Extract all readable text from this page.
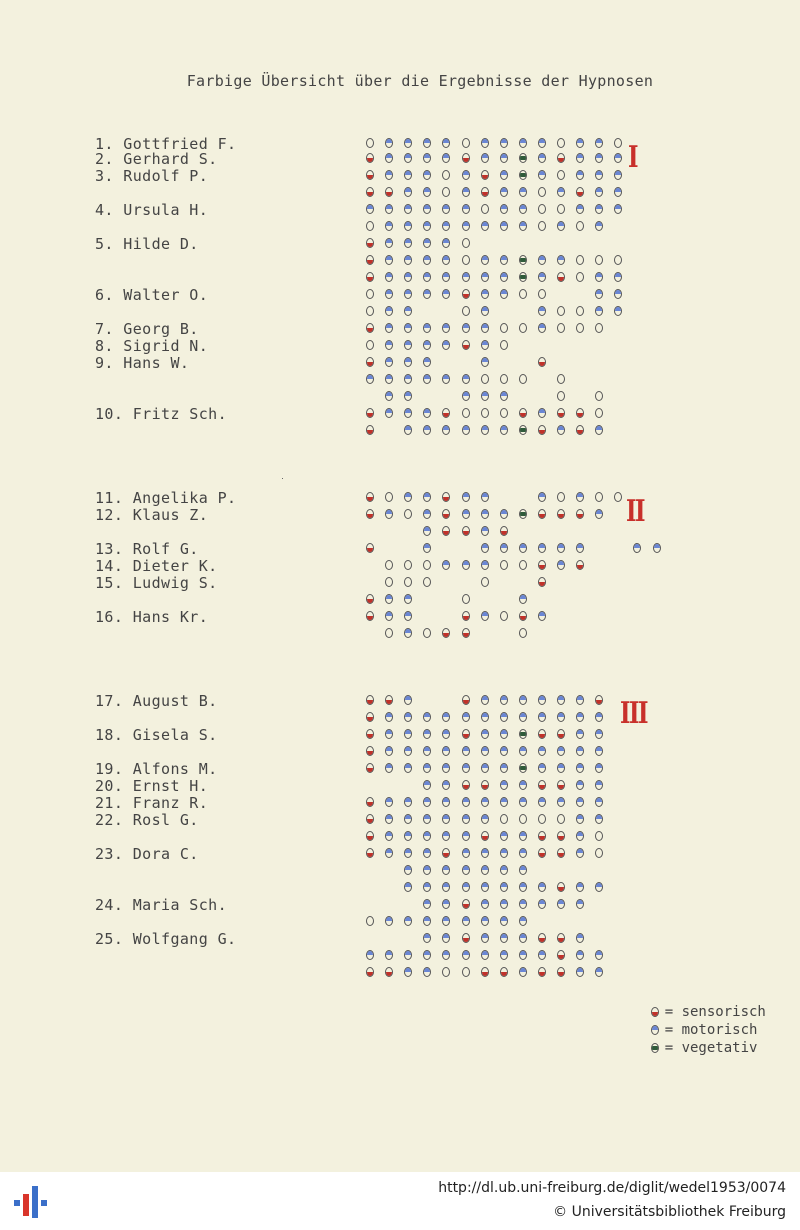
Farbige Übersicht über die Ergebnisse der Hypnosen
1. Gottfried F.
2. Gerhard S.
3. Rudolf P.
4. Ursula H.
5. Hilde D.
6. Walter O.
7. Georg B.
8. Sigrid N.
9. Hans W.
10. Fritz Sch.
11. Angelika P.
12. Klaus Z.
13. Rolf G.
14. Dieter K.
15. Ludwig S.
16. Hans Kr.
17. August B.
18. Gisela S.
19. Alfons M.
20. Ernst H.
21. Franz R.
22. Rosl G.
23. Dora C.
24. Maria Sch.
25. Wolfgang G.
I
II
III

= sensorisch

= motorisch

= vegetativ

http://dl.ub.uni-freiburg.de/diglit/wedel1953/0074
© Universitätsbibliothek Freiburg
